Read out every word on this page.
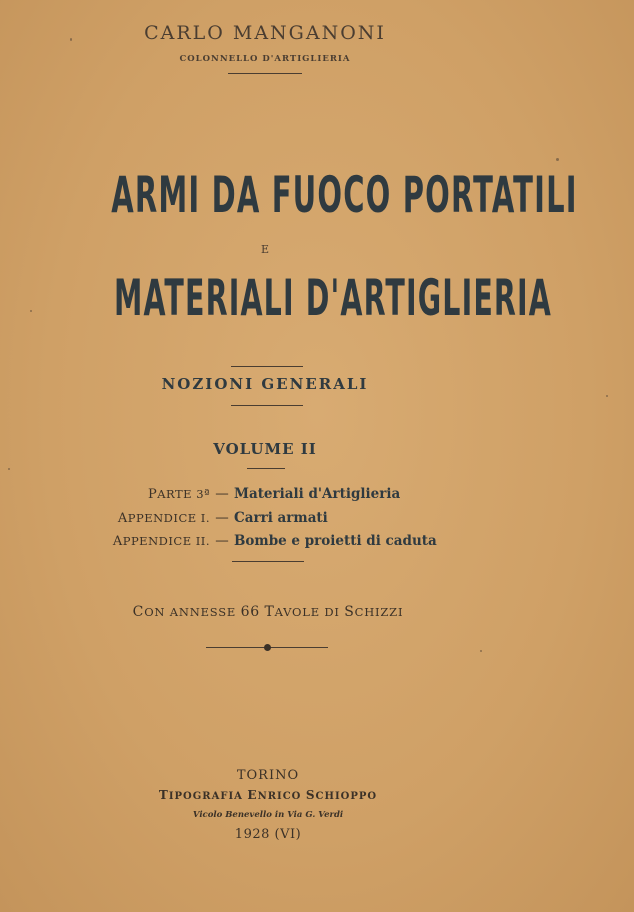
CARLO MANGANONI
COLONNELLO D'ARTIGLIERIA
ARMI DA FUOCO PORTATILI
E
MATERIALI D'ARTIGLIERIA
NOZIONI GENERALI
VOLUME II
PARTE 3ª — Materiali d'Artiglieria
APPENDICE I. — Carri armati
APPENDICE II. — Bombe e proietti di caduta
CON ANNESSE 66 TAVOLE DI SCHIZZI
TORINO
TIPOGRAFIA ENRICO SCHIOPPO
Vicolo Benevello in Via G. Verdi
1928 (VI)
